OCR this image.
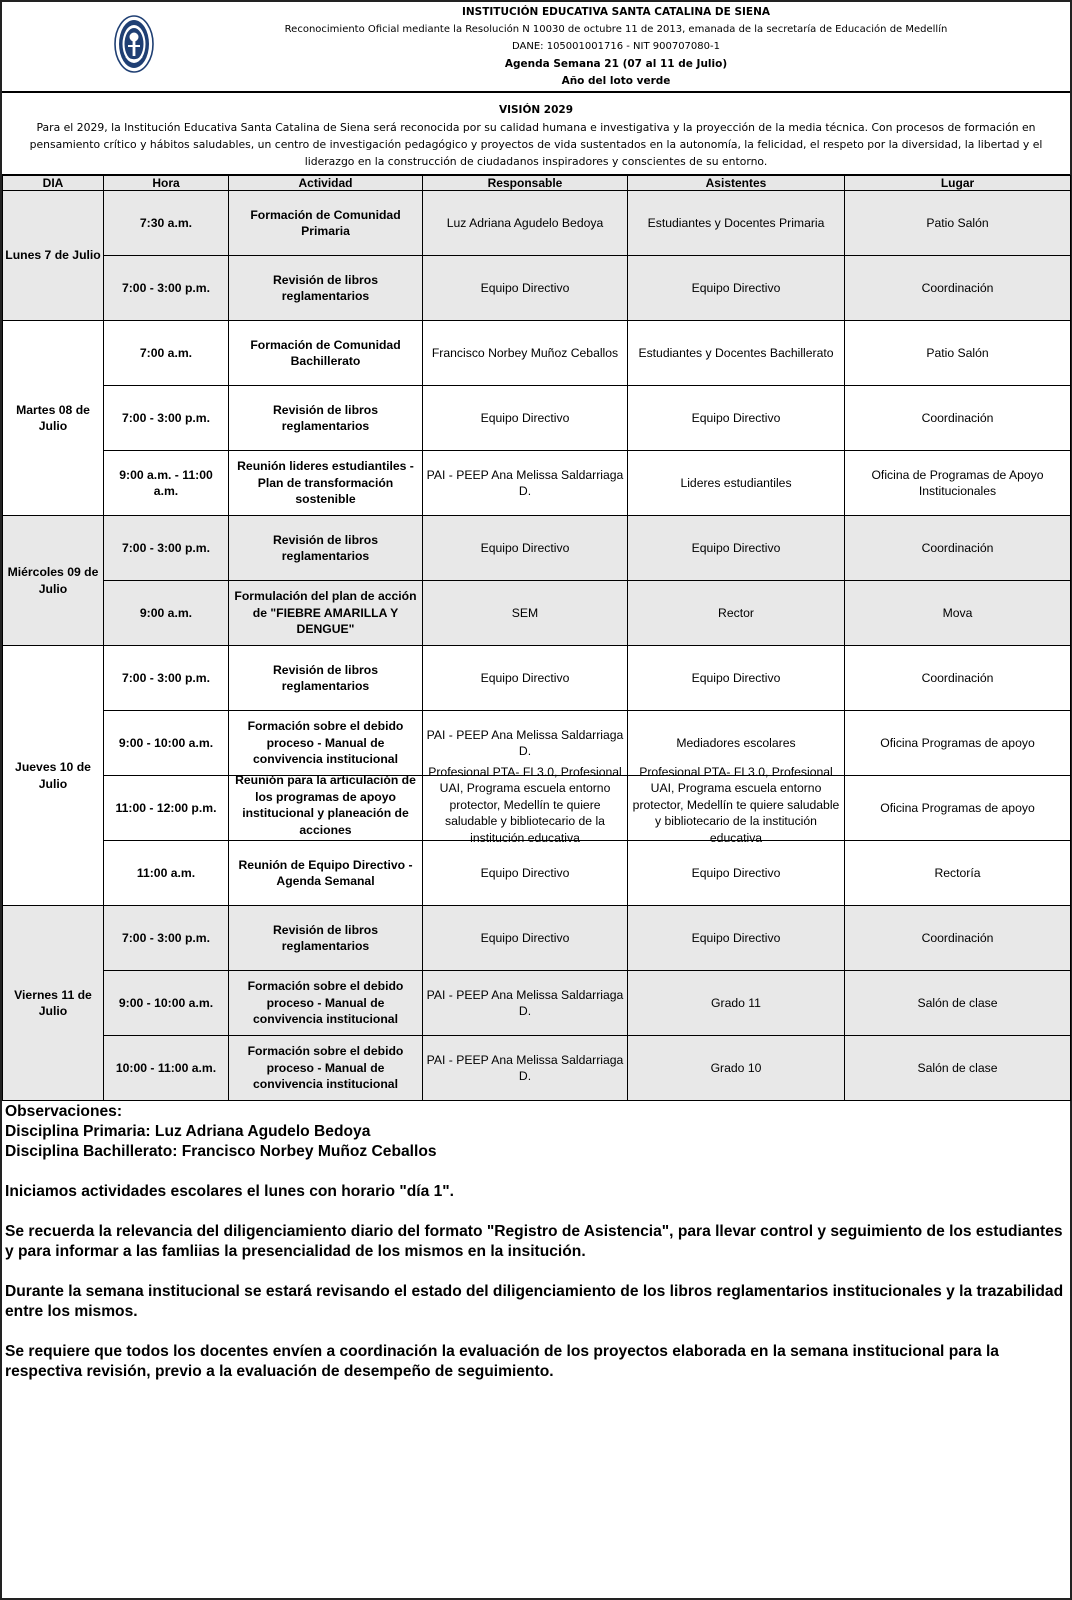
INSTITUCIÓN EDUCATIVA SANTA CATALINA DE SIENA
Reconocimiento Oficial mediante la Resolución N 10030 de octubre 11 de 2013, emanada de la secretaría de Educación de Medellín
DANE: 105001001716 - NIT 900707080-1
Agenda Semana 21 (07 al 11 de Julio)
Año del loto verde
VISIÓN 2029
Para el 2029, la Institución Educativa Santa Catalina de Siena será reconocida por su calidad humana e investigativa y la proyección de la media técnica. Con procesos de formación en pensamiento crítico y hábitos saludables, un centro de investigación pedagógico y proyectos de vida sustentados en la autonomía, la felicidad, el respeto por la diversidad, la libertad y el liderazgo en la construcción de ciudadanos inspiradores y conscientes de su entorno.
DIA	Hora	Actividad	Responsable	Asistentes	Lugar
Lunes 7 de Julio	7:30 a.m.	Formación de Comunidad Primaria	Luz Adriana Agudelo Bedoya	Estudiantes y Docentes Primaria	Patio Salón
	7:00 - 3:00 p.m.	Revisión de libros reglamentarios	Equipo Directivo	Equipo Directivo	Coordinación
Martes 08 de Julio	7:00 a.m.	Formación de Comunidad Bachillerato	Francisco Norbey Muñoz Ceballos	Estudiantes y Docentes Bachillerato	Patio Salón
	7:00 - 3:00 p.m.	Revisión de libros reglamentarios	Equipo Directivo	Equipo Directivo	Coordinación
	9:00 a.m. - 11:00 a.m.	Reunión lideres estudiantiles - Plan de transformación sostenible	PAI - PEEP Ana Melissa Saldarriaga D.	Lideres estudiantiles	Oficina de Programas de Apoyo Institucionales
Miércoles 09 de Julio	7:00 - 3:00 p.m.	Revisión de libros reglamentarios	Equipo Directivo	Equipo Directivo	Coordinación
	9:00 a.m.	Formulación del plan de acción de "FIEBRE AMARILLA Y DENGUE"	SEM	Rector	Mova
Jueves 10 de Julio	7:00 - 3:00 p.m.	Revisión de libros reglamentarios	Equipo Directivo	Equipo Directivo	Coordinación
	9:00 - 10:00 a.m.	Formación sobre el debido proceso - Manual de convivencia institucional	PAI - PEEP Ana Melissa Saldarriaga D.	Mediadores escolares	Oficina Programas de apoyo
	11:00 - 12:00 p.m.	Reunión para la articulación de los programas de apoyo institucional y planeación de acciones	Profesional PTA- FI 3.0, Profesional UAI, Programa escuela entorno protector, Medellín te quiere saludable y bibliotecario de la institución educativa	Profesional PTA- FI 3.0, Profesional UAI, Programa escuela entorno protector, Medellín te quiere saludable y bibliotecario de la institución educativa	Oficina Programas de apoyo
	11:00 a.m.	Reunión de Equipo Directivo - Agenda Semanal	Equipo Directivo	Equipo Directivo	Rectoría
Viernes 11 de Julio	7:00 - 3:00 p.m.	Revisión de libros reglamentarios	Equipo Directivo	Equipo Directivo	Coordinación
	9:00 - 10:00 a.m.	Formación sobre el debido proceso - Manual de convivencia institucional	PAI - PEEP Ana Melissa Saldarriaga D.	Grado 11	Salón de clase
	10:00 - 11:00 a.m.	Formación sobre el debido proceso - Manual de convivencia institucional	PAI - PEEP Ana Melissa Saldarriaga D.	Grado 10	Salón de clase

Observaciones:

Disciplina Primaria: Luz Adriana Agudelo Bedoya

Disciplina Bachillerato: Francisco Norbey Muñoz Ceballos

Iniciamos actividades escolares el lunes con horario "día 1".

Se recuerda la relevancia del diligenciamiento diario del formato "Registro de Asistencia", para llevar control y seguimiento de los estudiantes y para informar a las famliias la presencialidad de los mismos en la insitución.

Durante la semana institucional se estará revisando el estado del diligenciamiento de los libros reglamentarios institucionales y la trazabilidad entre los mismos.

Se requiere que todos los docentes envíen a coordinación la evaluación de los proyectos elaborada en la semana institucional para la respectiva revisión, previo a la evaluación de desempeño de seguimiento.
